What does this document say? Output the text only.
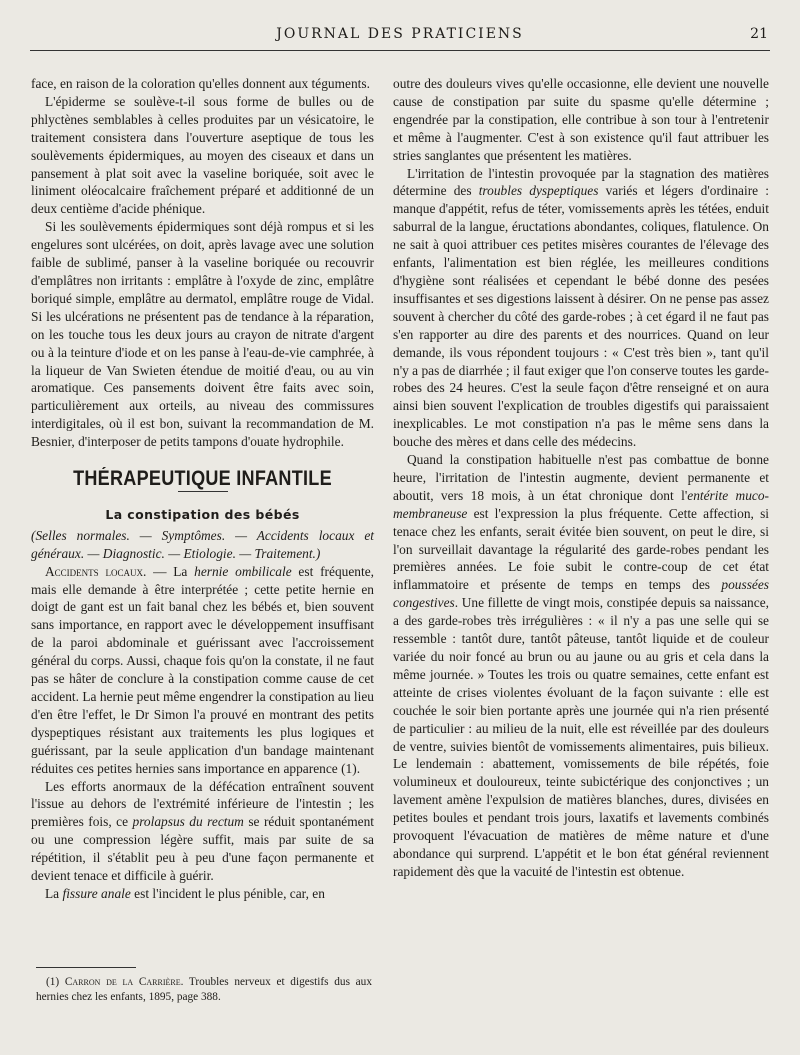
JOURNAL DES PRATICIENS	21

face, en raison de la coloration qu'elles donnent aux téguments.

L'épiderme se soulève-t-il sous forme de bulles ou de phlyctènes semblables à celles produites par un vésicatoire, le traitement consistera dans l'ouverture aseptique de tous les soulèvements épidermiques, au moyen des ciseaux et dans un pansement à plat soit avec la vaseline boriquée, soit avec le liniment oléocalcaire fraîchement préparé et additionné de un deux centième d'acide phénique.

Si les soulèvements épidermiques sont déjà rompus et si les engelures sont ulcérées, on doit, après lavage avec une solution faible de sublimé, panser à la vaseline boriquée ou recouvrir d'emplâtres non irritants : emplâtre à l'oxyde de zinc, emplâtre boriqué simple, emplâtre au dermatol, emplâtre rouge de Vidal. Si les ulcérations ne présentent pas de tendance à la réparation, on les touche tous les deux jours au crayon de nitrate d'argent ou à la teinture d'iode et on les panse à l'eau-de-vie camphrée, à la liqueur de Van Swieten étendue de moitié d'eau, ou au vin aromatique. Ces pansements doivent être faits avec soin, particulièrement aux orteils, au niveau des commissures interdigitales, où il est bon, suivant la recommandation de M. Besnier, d'interposer de petits tampons d'ouate hydrophile.

THÉRAPEUTIQUE INFANTILE
La constipation des bébés

(Selles normales. — Symptômes. — Accidents locaux et généraux. — Diagnostic. — Etiologie. — Traitement.)

Accidents locaux. — La hernie ombilicale est fréquente, mais elle demande à être interprétée ; cette petite hernie en doigt de gant est un fait banal chez les bébés et, bien souvent sans importance, en rapport avec le développement insuffisant de la paroi abdominale et guérissant avec l'accroissement général du corps. Aussi, chaque fois qu'on la constate, il ne faut pas se hâter de conclure à la constipation comme cause de cet accident. La hernie peut même engendrer la constipation au lieu d'en être l'effet, le Dr Simon l'a prouvé en montrant des petits dyspeptiques résistant aux traitements les plus logiques et guérissant, par la seule application d'un bandage maintenant réduites ces petites hernies sans importance en apparence (1).

Les efforts anormaux de la défécation entraînent souvent l'issue au dehors de l'extrémité inférieure de l'intestin ; les premières fois, ce prolapsus du rectum se réduit spontanément ou une compression légère suffit, mais par suite de sa répétition, il s'établit peu à peu d'une façon permanente et devient tenace et difficile à guérir.

La fissure anale est l'incident le plus pénible, car, en

outre des douleurs vives qu'elle occasionne, elle devient une nouvelle cause de constipation par suite du spasme qu'elle détermine ; engendrée par la constipation, elle contribue à son tour à l'entretenir et même à l'augmenter. C'est à son existence qu'il faut attribuer les stries sanglantes que présentent les matières.

L'irritation de l'intestin provoquée par la stagnation des matières détermine des troubles dyspeptiques variés et légers d'ordinaire : manque d'appétit, refus de téter, vomissements après les tétées, enduit saburral de la langue, éructations abondantes, coliques, flatulence. On ne sait à quoi attribuer ces petites misères courantes de l'élevage des enfants, l'alimentation est bien réglée, les meilleures conditions d'hygiène sont réalisées et cependant le bébé donne des pesées insuffisantes et ses digestions laissent à désirer. On ne pense pas assez souvent à chercher du côté des garde-robes ; à cet égard il ne faut pas s'en rapporter au dire des parents et des nourrices. Quand on leur demande, ils vous répondent toujours : « C'est très bien », tant qu'il n'y a pas de diarrhée ; il faut exiger que l'on conserve toutes les garde-robes des 24 heures. C'est la seule façon d'être renseigné et on aura ainsi bien souvent l'explication de troubles digestifs qui paraissaient inexplicables. Le mot constipation n'a pas le même sens dans la bouche des mères et dans celle des médecins.

Quand la constipation habituelle n'est pas combattue de bonne heure, l'irritation de l'intestin augmente, devient permanente et aboutit, vers 18 mois, à un état chronique dont l'entérite muco-membraneuse est l'expression la plus fréquente. Cette affection, si tenace chez les enfants, serait évitée bien souvent, on peut le dire, si l'on surveillait davantage la régularité des garde-robes pendant les premières années. Le foie subit le contre-coup de cet état inflammatoire et présente de temps en temps des poussées congestives. Une fillette de vingt mois, constipée depuis sa naissance, a des garde-robes très irrégulières : « il n'y a pas une selle qui se ressemble : tantôt dure, tantôt pâteuse, tantôt liquide et de couleur variée du noir foncé au brun ou au jaune ou au gris et cela dans la même journée. » Toutes les trois ou quatre semaines, cette enfant est atteinte de crises violentes évoluant de la façon suivante : elle est couchée le soir bien portante après une journée qui n'a rien présenté de particulier : au milieu de la nuit, elle est réveillée par des douleurs de ventre, suivies bientôt de vomissements alimentaires, puis bilieux. Le lendemain : abattement, vomissements de bile répétés, foie volumineux et douloureux, teinte subictérique des conjonctives ; un lavement amène l'expulsion de matières blanches, dures, divisées en petites boules et pendant trois jours, laxatifs et lavements combinés provoquent l'évacuation de matières de même nature et d'une abondance qui surprend. L'appétit et le bon état général reviennent rapidement dès que la vacuité de l'intestin est obtenue.

(1) Carron de la Carrière. Troubles nerveux et digestifs dus aux hernies chez les enfants, 1895, page 388.
